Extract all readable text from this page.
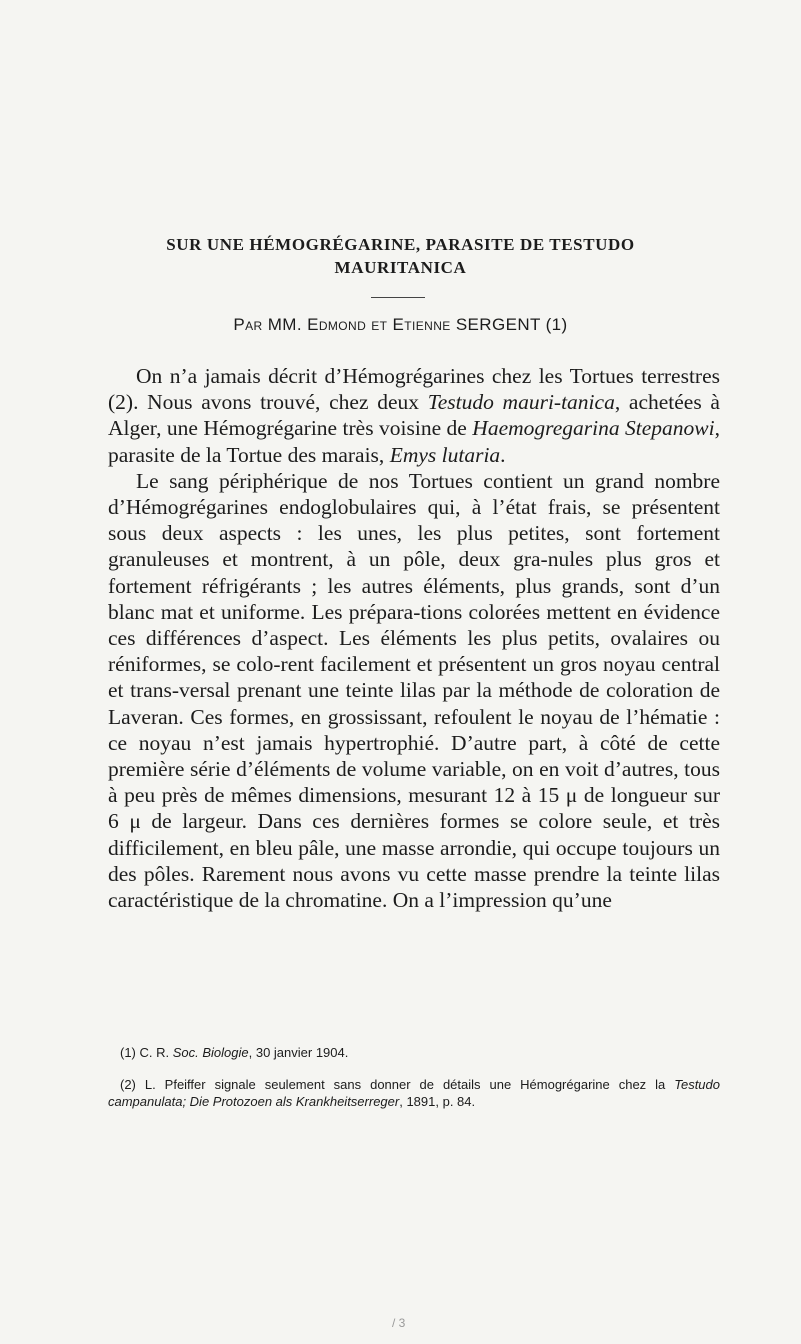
SUR UNE HÉMOGRÉGARINE, PARASITE DE TESTUDO
MAURITANICA
Par MM. Edmond et Etienne SERGENT (1)

On n’a jamais décrit d’Hémogrégarines chez les Tortues terrestres (2). Nous avons trouvé, chez deux Testudo mauri-tanica, achetées à Alger, une Hémogrégarine très voisine de Haemogregarina Stepanowi, parasite de la Tortue des marais, Emys lutaria.

Le sang périphérique de nos Tortues contient un grand nombre d’Hémogrégarines endoglobulaires qui, à l’état frais, se présentent sous deux aspects : les unes, les plus petites, sont fortement granuleuses et montrent, à un pôle, deux gra-nules plus gros et fortement réfrigérants ; les autres éléments, plus grands, sont d’un blanc mat et uniforme. Les prépara-tions colorées mettent en évidence ces différences d’aspect. Les éléments les plus petits, ovalaires ou réniformes, se colo-rent facilement et présentent un gros noyau central et trans-versal prenant une teinte lilas par la méthode de coloration de Laveran. Ces formes, en grossissant, refoulent le noyau de l’hématie : ce noyau n’est jamais hypertrophié. D’autre part, à côté de cette première série d’éléments de volume variable, on en voit d’autres, tous à peu près de mêmes dimensions, mesurant 12 à 15 μ de longueur sur 6 μ de largeur. Dans ces dernières formes se colore seule, et très difficilement, en bleu pâle, une masse arrondie, qui occupe toujours un des pôles. Rarement nous avons vu cette masse prendre la teinte lilas caractéristique de la chromatine. On a l’impression qu’une

(1) C. R. Soc. Biologie, 30 janvier 1904.

(2) L. Pfeiffer signale seulement sans donner de détails une Hémogrégarine chez la Testudo campanulata; Die Protozoen als Krankheitserreger, 1891, p. 84.

/ 3
